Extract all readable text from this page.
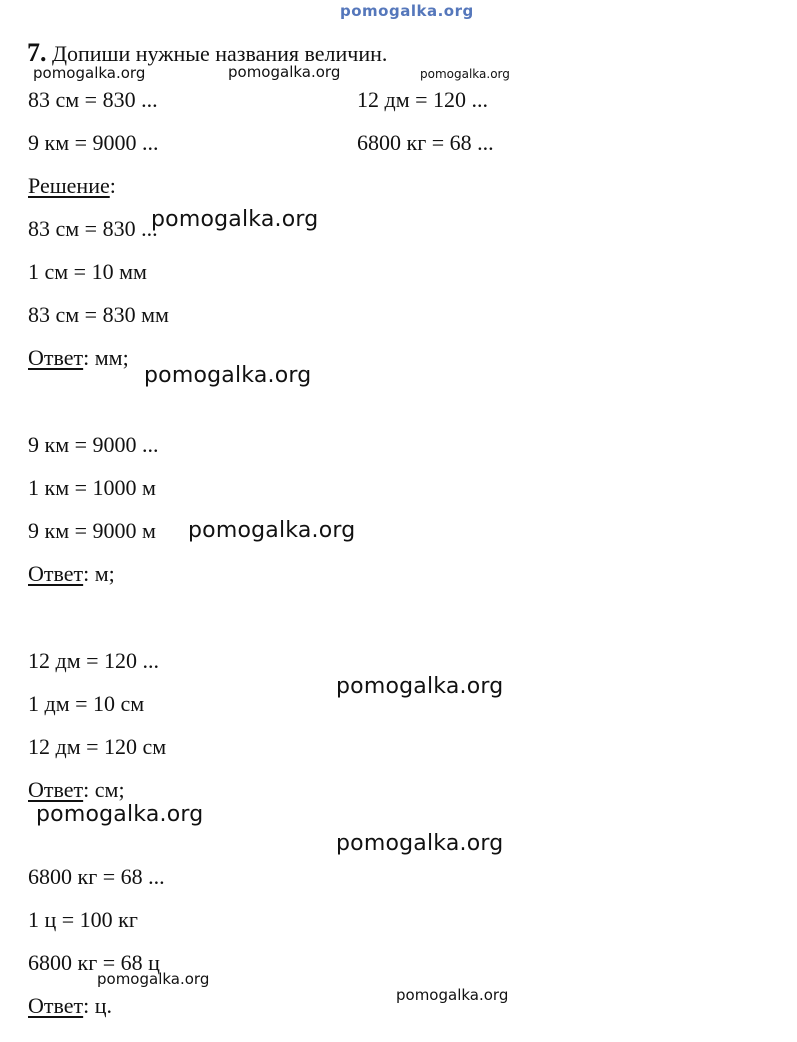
pomogalka.org
7. Допиши нужные названия величин.
pomogalka.org	pomogalka.org	pomogalka.org
83 см = 830 ...	12 дм = 120 ...
9 км = 9000 ...	6800 кг = 68 ...
Решение:
83 см = 830 ...
pomogalka.org
1 см = 10 мм
83 см = 830 мм
Ответ: мм;
pomogalka.org
9 км = 9000 ...
1 км = 1000 м
9 км = 9000 м pomogalka.org
Ответ: м;
12 дм = 120 ...
pomogalka.org
1 дм = 10 см
12 дм = 120 см
Ответ: см;
pomogalka.org
pomogalka.org
6800 кг = 68 ...
1 ц = 100 кг
6800 кг = 68 ц
pomogalka.org
Ответ: ц.	pomogalka.org
